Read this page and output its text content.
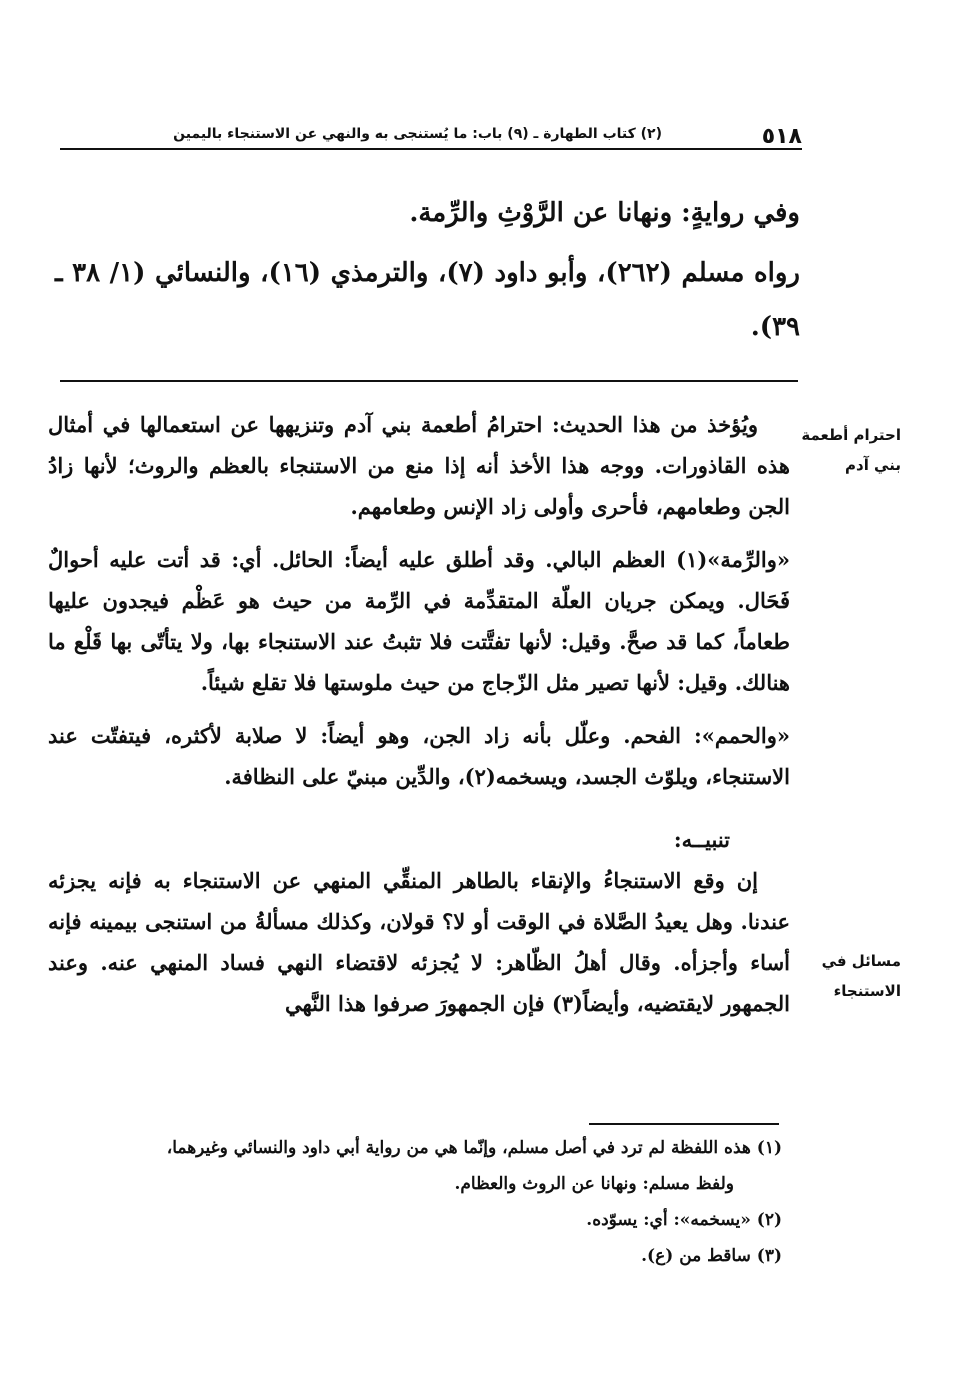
٥١٨
(٢) كتاب الطهارة ـ (٩) باب: ما يُستنجى به والنهي عن الاستنجاء باليمين

وفي روايةٍ: ونهانا عن الرَّوْثِ والرِّمة.

رواه مسلم (٢٦٢)، وأبو داود (٧)، والترمذي (١٦)، والنسائي (١/ ٣٨ ـ ٣٩).

احترام أطعمة بني آدم
مسائل في الاستنجاء

ويُؤخذ من هذا الحديث: احترامُ أطعمة بني آدم وتنزيهها عن استعمالها في أمثال هذه القاذورات. ووجه هذا الأخذ أنه إذا منع من الاستنجاء بالعظم والروث؛ لأنها زادُ الجن وطعامهم، فأحرى وأولى زاد الإنس وطعامهم.

«والرِّمة»(١) العظم البالي. وقد أطلق عليه أيضاً: الحائل. أي: قد أتت عليه أحوالٌ فَحَال. ويمكن جريان العلّة المتقدِّمة في الرِّمة من حيث هو عَظْم فيجدون عليها طعاماً، كما قد صحَّ. وقيل: لأنها تفتَّتت فلا تثبتُ عند الاستنجاء بها، ولا يتأتّى بها قَلْع ما هنالك. وقيل: لأنها تصير مثل الزّجاج من حيث ملوستها فلا تقلع شيئاً.

«والحمم»: الفحم. وعلّل بأنه زاد الجن، وهو أيضاً: لا صلابة لأكثره، فيتفتّت عند الاستنجاء، ويلوّث الجسد، ويسخمه(٢)، والدِّين مبنيّ على النظافة.

تنبيــه:

إن وقع الاستنجاءُ والإنقاء بالطاهر المنقِّي المنهي عن الاستنجاء به فإنه يجزئه عندنا. وهل يعيدُ الصَّلاة في الوقت أو لا؟ قولان، وكذلك مسألةُ من استنجى بيمينه فإنه أساء وأجزأه. وقال أهلُ الظّاهر: لا يُجزئه لاقتضاء النهي فساد المنهي عنه. وعند الجمهور لايقتضيه، وأيضاً(٣) فإن الجمهورَ صرفوا هذا النَّهي

(١) هذه اللفظة لم ترد في أصل مسلم، وإنّما هي من رواية أبي داود والنسائي وغيرهما،

ولفظ مسلم: ونهانا عن الروث والعظام.

(٢) «يسخمه»: أي: يسوّده.

(٣) ساقط من (ع).
